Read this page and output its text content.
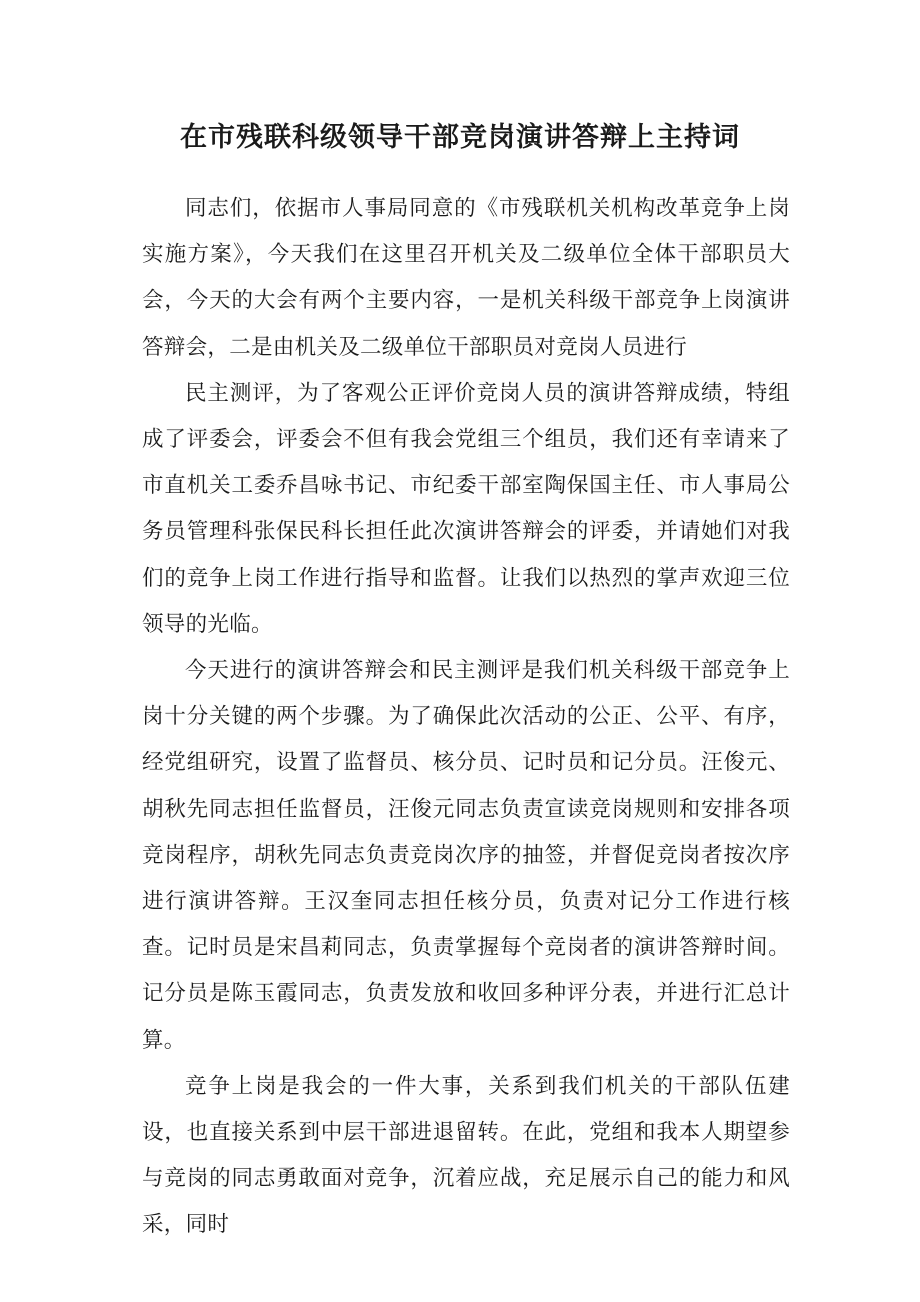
在市残联科级领导干部竞岗演讲答辩上主持词

同志们，依据市人事局同意的《市残联机关机构改革竞争上岗实施方案》，今天我们在这里召开机关及二级单位全体干部职员大会，今天的大会有两个主要内容，一是机关科级干部竞争上岗演讲答辩会，二是由机关及二级单位干部职员对竞岗人员进行

民主测评，为了客观公正评价竞岗人员的演讲答辩成绩，特组成了评委会，评委会不但有我会党组三个组员，我们还有幸请来了市直机关工委乔昌咏书记、市纪委干部室陶保国主任、市人事局公务员管理科张保民科长担任此次演讲答辩会的评委，并请她们对我们的竞争上岗工作进行指导和监督。让我们以热烈的掌声欢迎三位领导的光临。

今天进行的演讲答辩会和民主测评是我们机关科级干部竞争上岗十分关键的两个步骤。为了确保此次活动的公正、公平、有序，经党组研究，设置了监督员、核分员、记时员和记分员。汪俊元、胡秋先同志担任监督员，汪俊元同志负责宣读竞岗规则和安排各项竞岗程序，胡秋先同志负责竞岗次序的抽签，并督促竞岗者按次序进行演讲答辩。王汉奎同志担任核分员，负责对记分工作进行核查。记时员是宋昌莉同志，负责掌握每个竞岗者的演讲答辩时间。记分员是陈玉霞同志，负责发放和收回多种评分表，并进行汇总计算。

竞争上岗是我会的一件大事，关系到我们机关的干部队伍建设，也直接关系到中层干部进退留转。在此，党组和我本人期望参与竞岗的同志勇敢面对竞争，沉着应战，充足展示自己的能力和风采，同时
